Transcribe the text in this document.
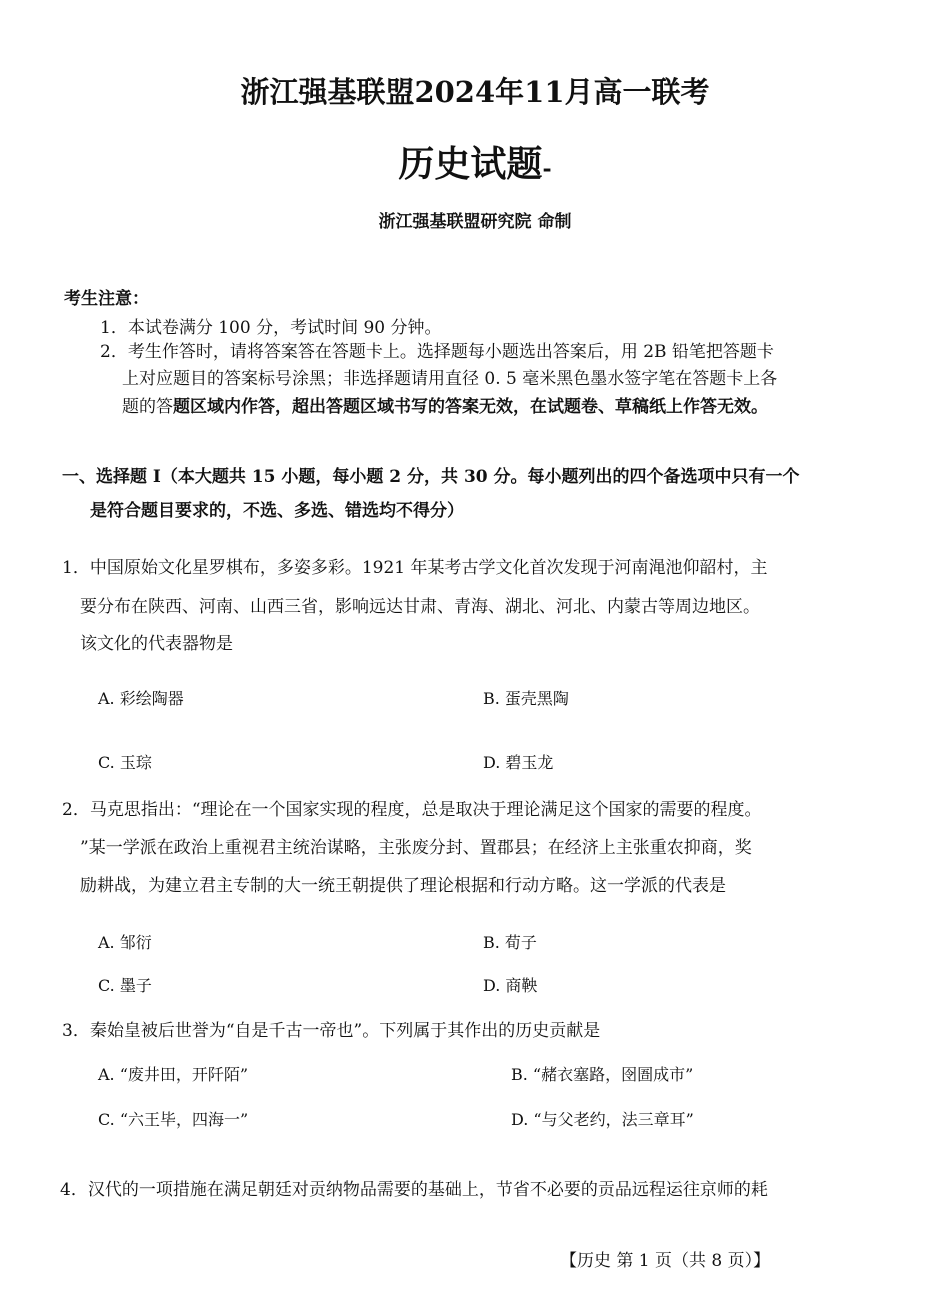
浙江强基联盟2024年11月高一联考
历史试题-
浙江强基联盟研究院 命制
考生注意：
1．本试卷满分 100 分，考试时间 90 分钟。
2．考生作答时，请将答案答在答题卡上。选择题每小题选出答案后，用 2B 铅笔把答题卡
上对应题目的答案标号涂黑；非选择题请用直径 0. 5 毫米黑色墨水签字笔在答题卡上各
题的答题区域内作答，超出答题区域书写的答案无效，在试题卷、草稿纸上作答无效。
一、选择题 I（本大题共 15 小题，每小题 2 分，共 30 分。每小题列出的四个备选项中只有一个
是符合题目要求的，不选、多选、错选均不得分）
1．中国原始文化星罗棋布，多姿多彩。1921 年某考古学文化首次发现于河南渑池仰韶村，主
要分布在陕西、河南、山西三省，影响远达甘肃、青海、湖北、河北、内蒙古等周边地区。
该文化的代表器物是
A. 彩绘陶器	B. 蛋壳黑陶
C. 玉琮	D. 碧玉龙
2．马克思指出：“理论在一个国家实现的程度，总是取决于理论满足这个国家的需要的程度。
”某一学派在政治上重视君主统治谋略，主张废分封、置郡县；在经济上主张重农抑商，奖
励耕战，为建立君主专制的大一统王朝提供了理论根据和行动方略。这一学派的代表是
A. 邹衍	B. 荀子
C. 墨子	D. 商鞅
3．秦始皇被后世誉为“自是千古一帝也”。下列属于其作出的历史贡献是
A. “废井田，开阡陌”	B. “赭衣塞路，囹圄成市”
C. “六王毕，四海一”	D. “与父老约，法三章耳”
4．汉代的一项措施在满足朝廷对贡纳物品需要的基础上，节省不必要的贡品远程运往京师的耗
【历史 第 1 页（共 8 页）】
